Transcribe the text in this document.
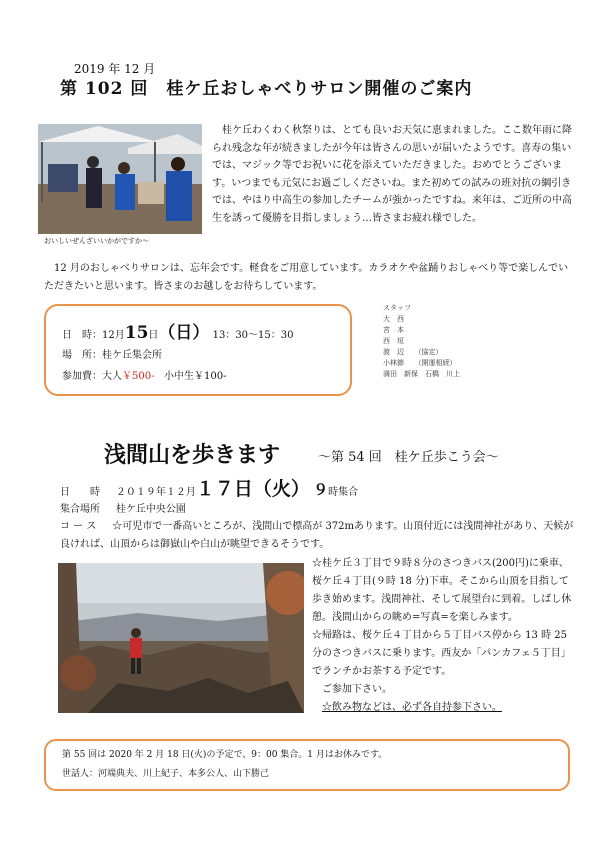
2019 年 12 月
第 102 回　桂ケ丘おしゃべりサロン開催のご案内
おいしいぜんざいいかがですか～
桂ケ丘わくわく秋祭りは、とても良いお天気に恵まれました。ここ数年雨に降られ残念な年が続きましたが今年は皆さんの思いが届いたようです。喜寿の集いでは、マジック等でお祝いに花を添えていただきました。おめでとうございます。いつまでも元気にお過ごしくださいね。また初めての試みの班対抗の綱引きでは、やはり中高生の参加したチームが強かったですね。来年は、ご近所の中高生を誘って優勝を目指しましょう…皆さまお疲れ様でした。
12 月のおしゃべりサロンは、忘年会です。軽食をご用意しています。カラオケや盆踊りおしゃべり等で楽しんでいただきたいと思います。皆さまのお越しをお待ちしています。
日　時：12月15日（日） 13：30～15：30
場　所：桂ケ丘集会所
参加費：大人￥500- 小中生￥100-
スタッフ
大　西
宮　本
西　垣
渡　辺　　（協定）
小林節　　（開運相続）
満田　新保　石橋　川上
浅間山を歩きます	～第 54 回　桂ケ丘歩こう会～
日　　時 ２０１９年１２月１７日（火） ９時集合
集合場所 桂ケ丘中央公園
コ ー ス ☆可児市で一番高いところが、浅間山で標高が 372mあります。山頂付近には浅間神社があり、天候が良ければ、山頂からは御嶽山や白山が眺望できるそうです。
☆桂ケ丘３丁目で９時８分のさつきバス(200円)に乗車、桜ケ丘４丁目(９時 18 分)下車。そこから山頂を目指して歩き始めます。浅間神社、そして展望台に到着。しばし休憩。浅間山からの眺め=写真=を楽しみます。
☆帰路は、桜ケ丘４丁目から５丁目バス停から 13 時 25 分のさつきバスに乗ります。西友か「パンカフェ５丁目」でランチかお茶する予定です。
ご参加下さい。
☆飲み物などは、必ず各自持参下さい。
第 55 回は 2020 年 2 月 18 日(火)の予定で、9：00 集合。1 月はお休みです。
世話人：河端典夫、川上紀子、本多公人、山下勝己
